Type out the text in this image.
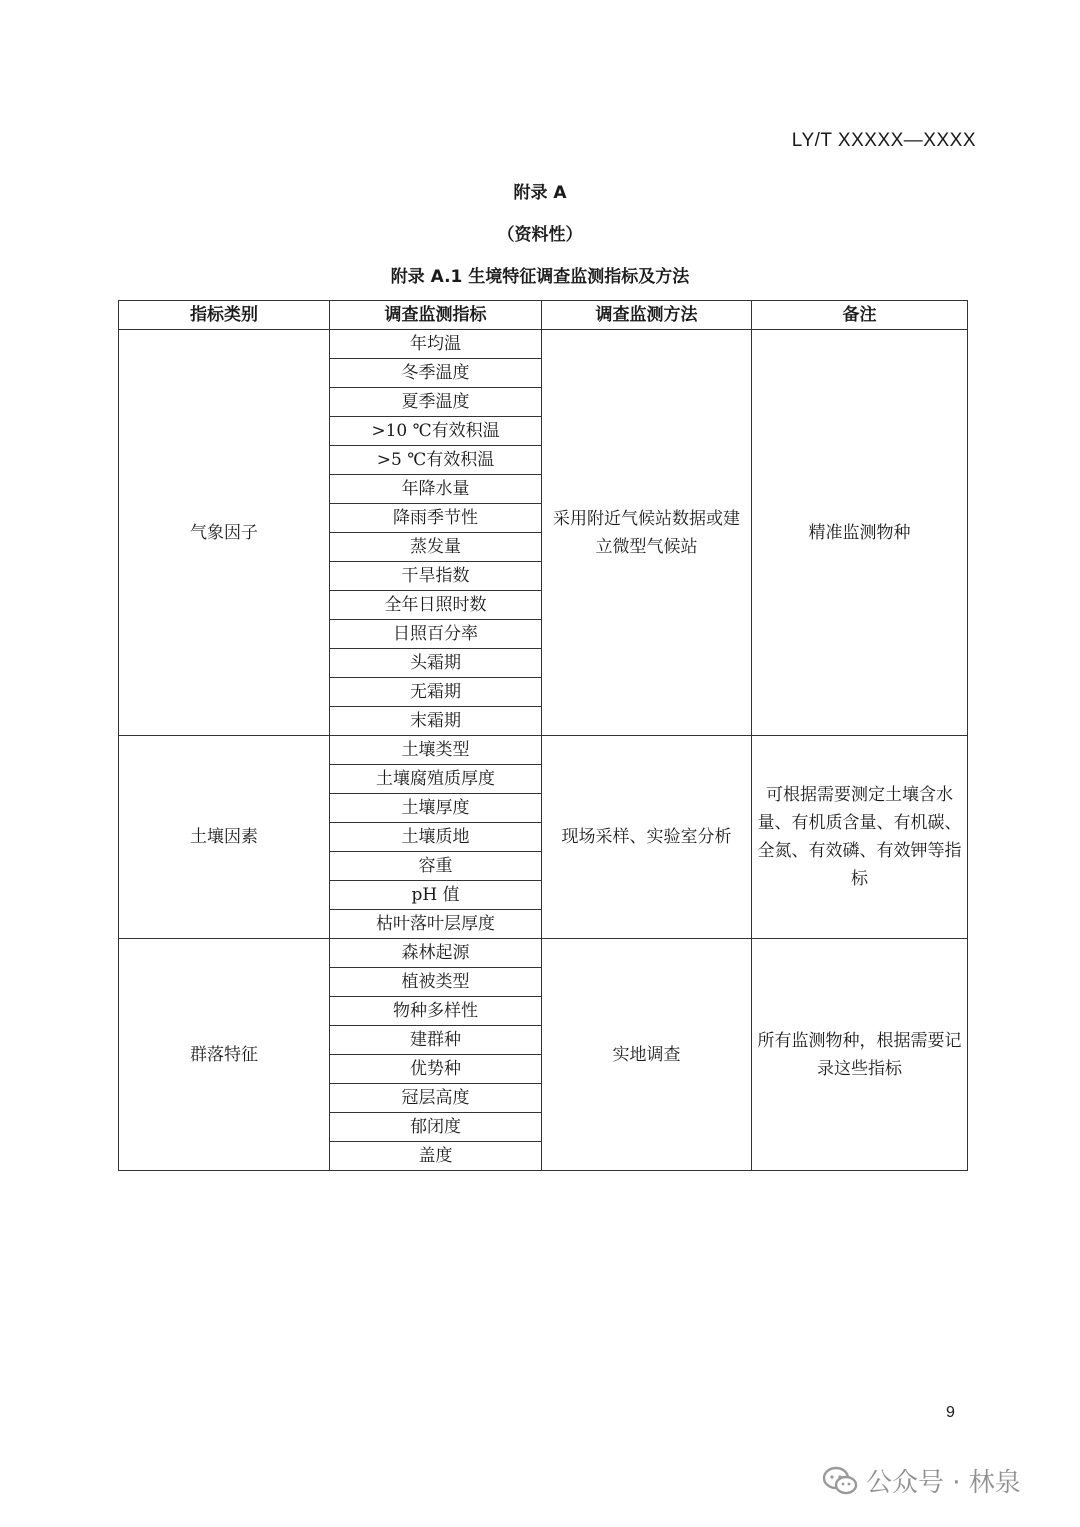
LY/T XXXXX—XXXX
附录 A
（资料性）
附录 A.1 生境特征调查监测指标及方法
指标类别	调查监测指标	调查监测方法	备注
气象因子	年均温	采用附近气候站数据或建立微型气候站	精准监测物种
	冬季温度		
	夏季温度		
	>10 ℃有效积温		
	>5 ℃有效积温		
	年降水量		
	降雨季节性		
	蒸发量		
	干旱指数		
	全年日照时数		
	日照百分率		
	头霜期		
	无霜期		
	末霜期		
土壤因素	土壤类型	现场采样、实验室分析	可根据需要测定土壤含水量、有机质含量、有机碳、全氮、有效磷、有效钾等指标
	土壤腐殖质厚度		
	土壤厚度		
	土壤质地		
	容重		
	pH 值		
	枯叶落叶层厚度		
群落特征	森林起源	实地调查	所有监测物种，根据需要记录这些指标
	植被类型		
	物种多样性		
	建群种		
	优势种		
	冠层高度		
	郁闭度		
	盖度		
9
公众号 · 林泉
